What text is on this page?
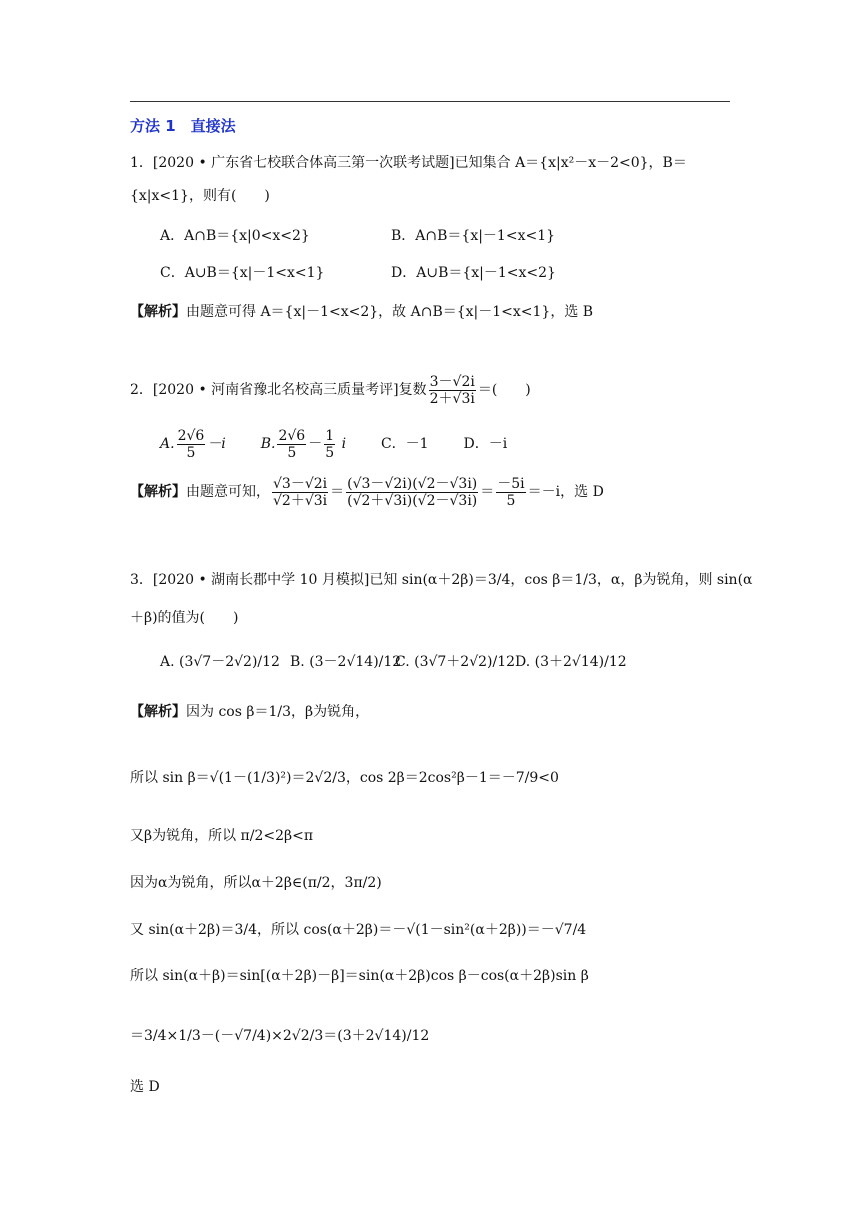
方法 1　直接法
1．[2020 • 广东省七校联合体高三第一次联考试题]已知集合 A＝{x|x²－x－2<0}，B＝
{x|x<1}，则有(　　)
A．A∩B＝{x|0<x<2}	B．A∩B＝{x|－1<x<1}
C．A∪B＝{x|－1<x<1}	D．A∪B＝{x|－1<x<2}
【解析】由题意可得 A＝{x|－1<x<2}，故 A∩B＝{x|－1<x<1}，选 B
2．[2020 • 河南省豫北名校高三质量考评]复数 $\frac{3-√2i}{2+√3i}$ ＝(　　)
A. $\frac{2√6}{5} -i$ B. $\frac{2√6}{5} - \frac{1}{5}$ i C．－1 D．－i
【解析】由题意可知， $\frac{√3-√2i}{√2+√3i} = \frac{(√3-√2i)(√2-√3i)}{(√2+√3i)(√2-√3i)} = \frac{-5i}{5} =-i$，选 D
3．[2020 • 湖南长郡中学 10 月模拟]已知 sin(α＋2β)＝3/4，cos β＝1/3，α，β为锐角，则 sin(α
＋β)的值为(　　)
A. (3√7－2√2)/12 B. (3－2√14)/12
C. (3√7＋2√2)/12 D. (3＋2√14)/12
【解析】因为 cos β＝1/3，β为锐角，
所以 sin β＝√(1－(1/3)²)＝2√2/3，cos 2β＝2cos²β－1＝－7/9<0
又β为锐角，所以 π/2<2β<π
因为α为锐角，所以α＋2β∈(π/2，3π/2)
又 sin(α＋2β)＝3/4，所以 cos(α＋2β)＝－√(1－sin²(α＋2β))＝－√7/4
所以 sin(α＋β)＝sin[(α＋2β)－β]＝sin(α＋2β)cos β－cos(α＋2β)sin β
＝3/4×1/3－(－√7/4)×2√2/3＝(3＋2√14)/12
选 D
